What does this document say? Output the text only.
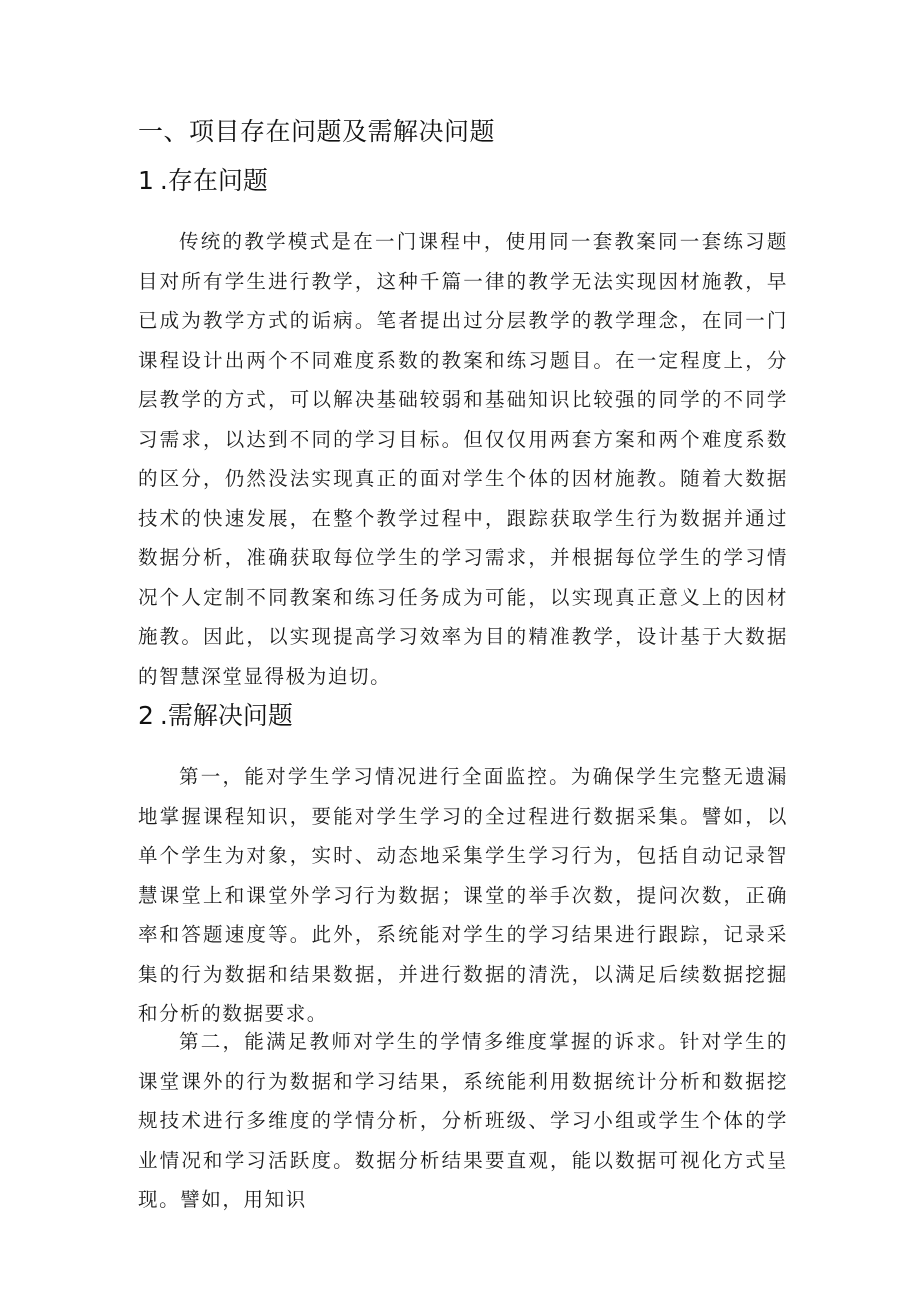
一、项目存在问题及需解决问题
1 .存在问题

传统的教学模式是在一门课程中，使用同一套教案同一套练习题目对所有学生进行教学，这种千篇一律的教学无法实现因材施教，早已成为教学方式的诟病。笔者提出过分层教学的教学理念，在同一门课程设计出两个不同难度系数的教案和练习题目。在一定程度上，分层教学的方式，可以解决基础较弱和基础知识比较强的同学的不同学习需求，以达到不同的学习目标。但仅仅用两套方案和两个难度系数的区分，仍然没法实现真正的面对学生个体的因材施教。随着大数据技术的快速发展，在整个教学过程中，跟踪获取学生行为数据并通过数据分析，准确获取每位学生的学习需求，并根据每位学生的学习情况个人定制不同教案和练习任务成为可能，以实现真正意义上的因材施教。因此，以实现提高学习效率为目的精准教学，设计基于大数据的智慧深堂显得极为迫切。

2 .需解决问题

第一，能对学生学习情况进行全面监控。为确保学生完整无遗漏地掌握课程知识，要能对学生学习的全过程进行数据采集。譬如，以单个学生为对象，实时、动态地采集学生学习行为，包括自动记录智慧课堂上和课堂外学习行为数据；课堂的举手次数，提问次数，正确率和答题速度等。此外，系统能对学生的学习结果进行跟踪，记录采集的行为数据和结果数据，并进行数据的清洗，以满足后续数据挖掘和分析的数据要求。

第二，能满足教师对学生的学情多维度掌握的诉求。针对学生的课堂课外的行为数据和学习结果，系统能利用数据统计分析和数据挖规技术进行多维度的学情分析，分析班级、学习小组或学生个体的学业情况和学习活跃度。数据分析结果要直观，能以数据可视化方式呈现。譬如，用知识
